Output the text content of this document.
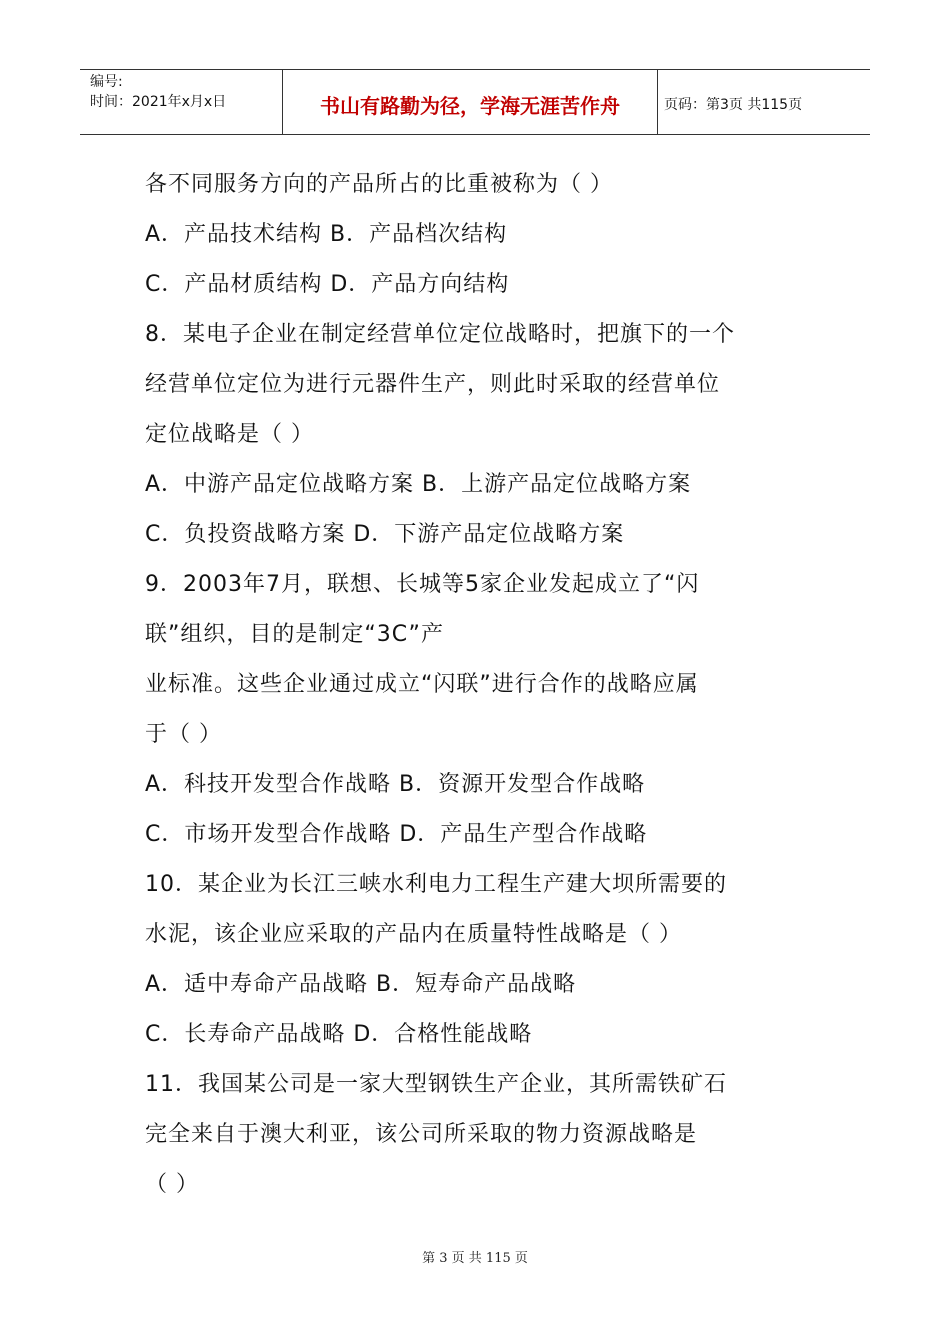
编号:
时间：2021年x月x日	书山有路勤为径，学海无涯苦作舟	页码：第3页 共115页
各不同服务方向的产品所占的比重被称为（ ）
A．产品技术结构 B．产品档次结构
C．产品材质结构 D．产品方向结构
8．某电子企业在制定经营单位定位战略时，把旗下的一个
经营单位定位为进行元器件生产，则此时采取的经营单位
定位战略是（ ）
A．中游产品定位战略方案 B．上游产品定位战略方案
C．负投资战略方案 D．下游产品定位战略方案
9．2003年7月，联想、长城等5家企业发起成立了“闪
联”组织，目的是制定“3C”产
业标准。这些企业通过成立“闪联”进行合作的战略应属
于（ ）
A．科技开发型合作战略 B．资源开发型合作战略
C．市场开发型合作战略 D．产品生产型合作战略
10．某企业为长江三峡水利电力工程生产建大坝所需要的
水泥，该企业应采取的产品内在质量特性战略是（ ）
A．适中寿命产品战略 B．短寿命产品战略
C．长寿命产品战略 D．合格性能战略
11．我国某公司是一家大型钢铁生产企业，其所需铁矿石
完全来自于澳大利亚，该公司所采取的物力资源战略是
（ ）
第 3 页 共 115 页
